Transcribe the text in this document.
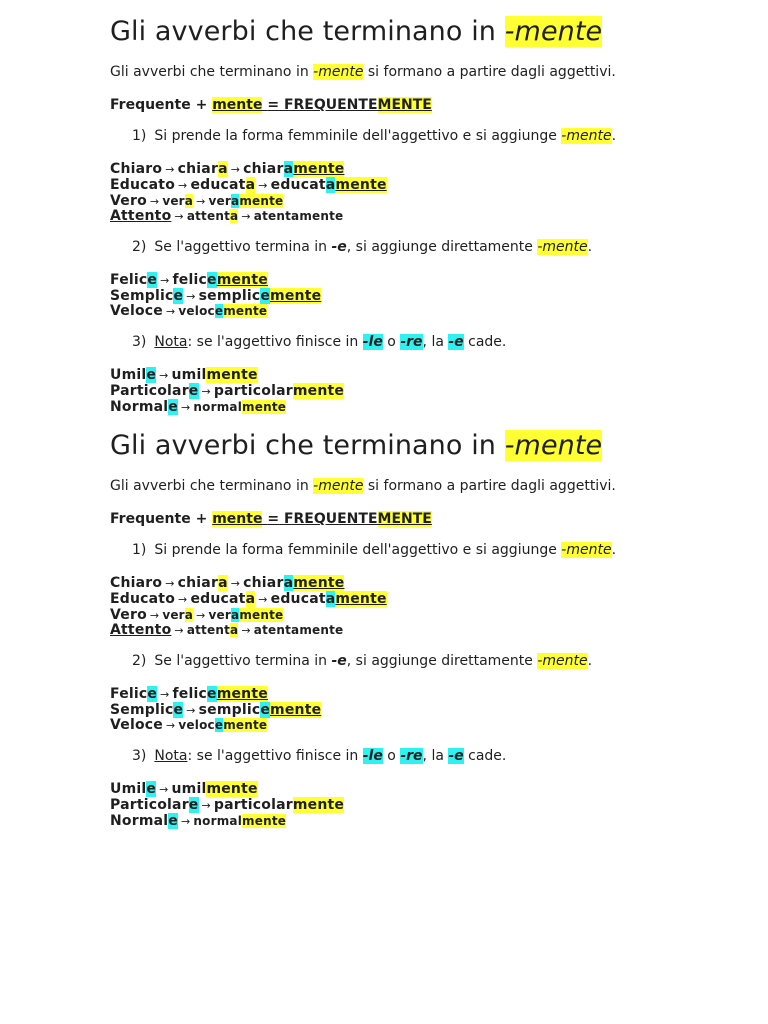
Gli avverbi che terminano in -mente
Gli avverbi che terminano in -mente si formano a partire dagli aggettivi.
Frequente + mente = FREQUENTEMENTE
1) Si prende la forma femminile dell'aggettivo e si aggiunge -mente.
Chiaro → chiara → chiaramente
Educato → educata → educatamente
Vero → vera → veramente
Attento → attenta → atentamente
2) Se l'aggettivo termina in -e, si aggiunge direttamente -mente.
Felice → felicemente
Semplice → semplicemente
Veloce → velocemente
3) Nota: se l'aggettivo finisce in -le o -re, la -e cade.
Umile → umilmente
Particolare → particolarmente
Normale → normalmente
Gli avverbi che terminano in -mente
Gli avverbi che terminano in -mente si formano a partire dagli aggettivi.
Frequente + mente = FREQUENTEMENTE
1) Si prende la forma femminile dell'aggettivo e si aggiunge -mente.
Chiaro → chiara → chiaramente
Educato → educata → educatamente
Vero → vera → veramente
Attento → attenta → atentamente
2) Se l'aggettivo termina in -e, si aggiunge direttamente -mente.
Felice → felicemente
Semplice → semplicemente
Veloce → velocemente
3) Nota: se l'aggettivo finisce in -le o -re, la -e cade.
Umile → umilmente
Particolare → particolarmente
Normale → normalmente
